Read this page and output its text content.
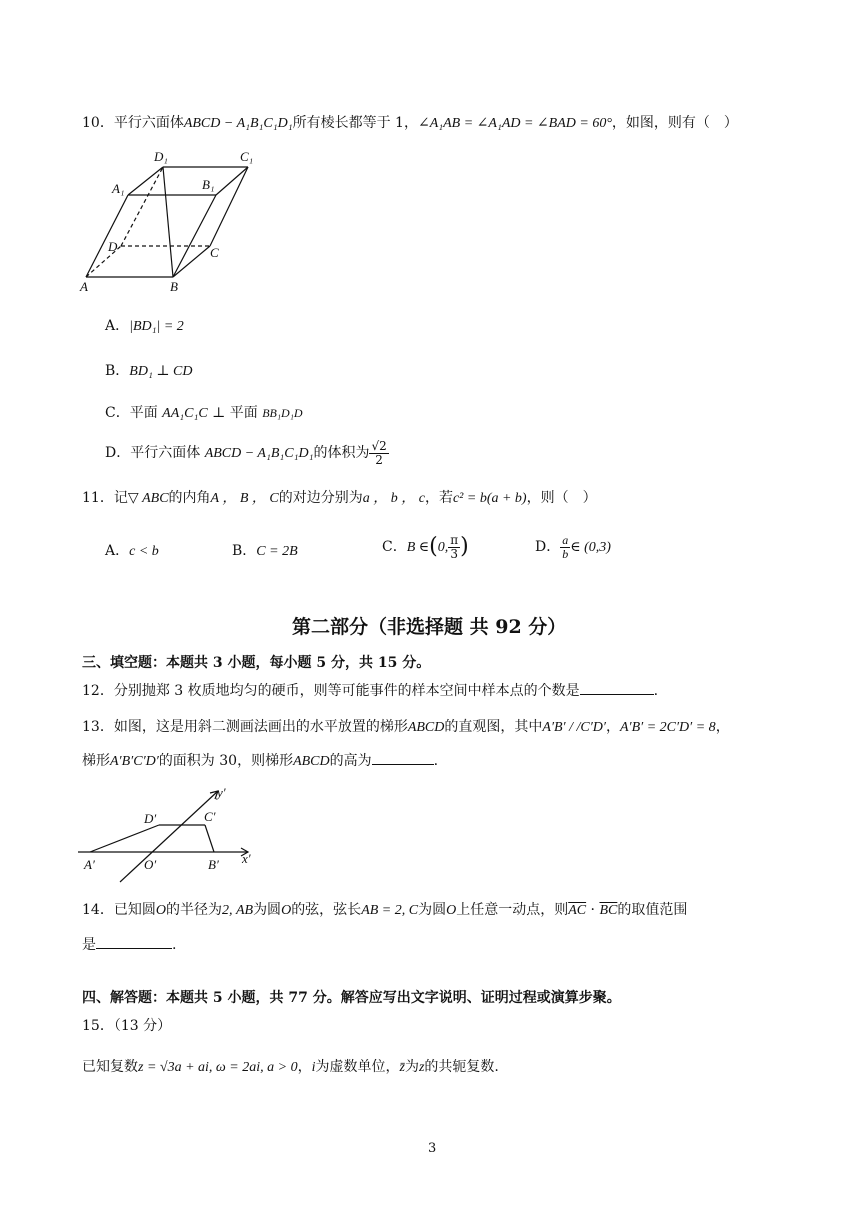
10．平行六面体ABCD − A₁B₁C₁D₁所有棱长都等于 1，∠A₁AB = ∠A₁AD = ∠BAD = 60°，如图，则有（　）
D₁	C₁
A₁	B₁
D	C
A	B
A．|BD₁| = 2
B．BD₁ ⊥ CD
C．平面 AA₁C₁C ⊥ 平面 BB₁D₁D
D．平行六面体 ABCD − A₁B₁C₁D₁的体积为 $\frac{√2}{2}$
11．记▽ ABC的内角A ， B ， C的对边分别为a ， b ， c，若c² = b(a + b)，则（　）
A．c < b	B．C = 2B	C．B ∈(0, $\frac{\pi}{3}$ )	D． $\frac{a}{b}$ ∈ (0,3)
第二部分（非选择题 共 92 分）
三、填空题：本题共 3 小题，每小题 5 分，共 15 分。
12．分别抛郑 3 枚质地均匀的硬币，则等可能事件的样本空间中样本点的个数是	.
13．如图，这是用斜二测画法画出的水平放置的梯形ABCD的直观图，其中A′B′ / /C′D′，A′B′ = 2C′D′ = 8，
梯形A′B′C′D′的面积为 30，则梯形ABCD的高为	.
y′
D′	C′
A′	O′	B′ x′
14．已知圆O的半径为2, AB为圆O的弦，弦长AB = 2, C为圆O上任意一动点，则$\overline{AC} \cdot \overline{BC}$的取值范围
是	.
四、解答题：本题共 5 小题，共 77 分。解答应写出文字说明、证明过程或演算步聚。
15．（13 分）
已知复数z = √3a + ai, ω = 2ai, a > 0，i为虚数单位，z̄为z的共轭复数.
3
